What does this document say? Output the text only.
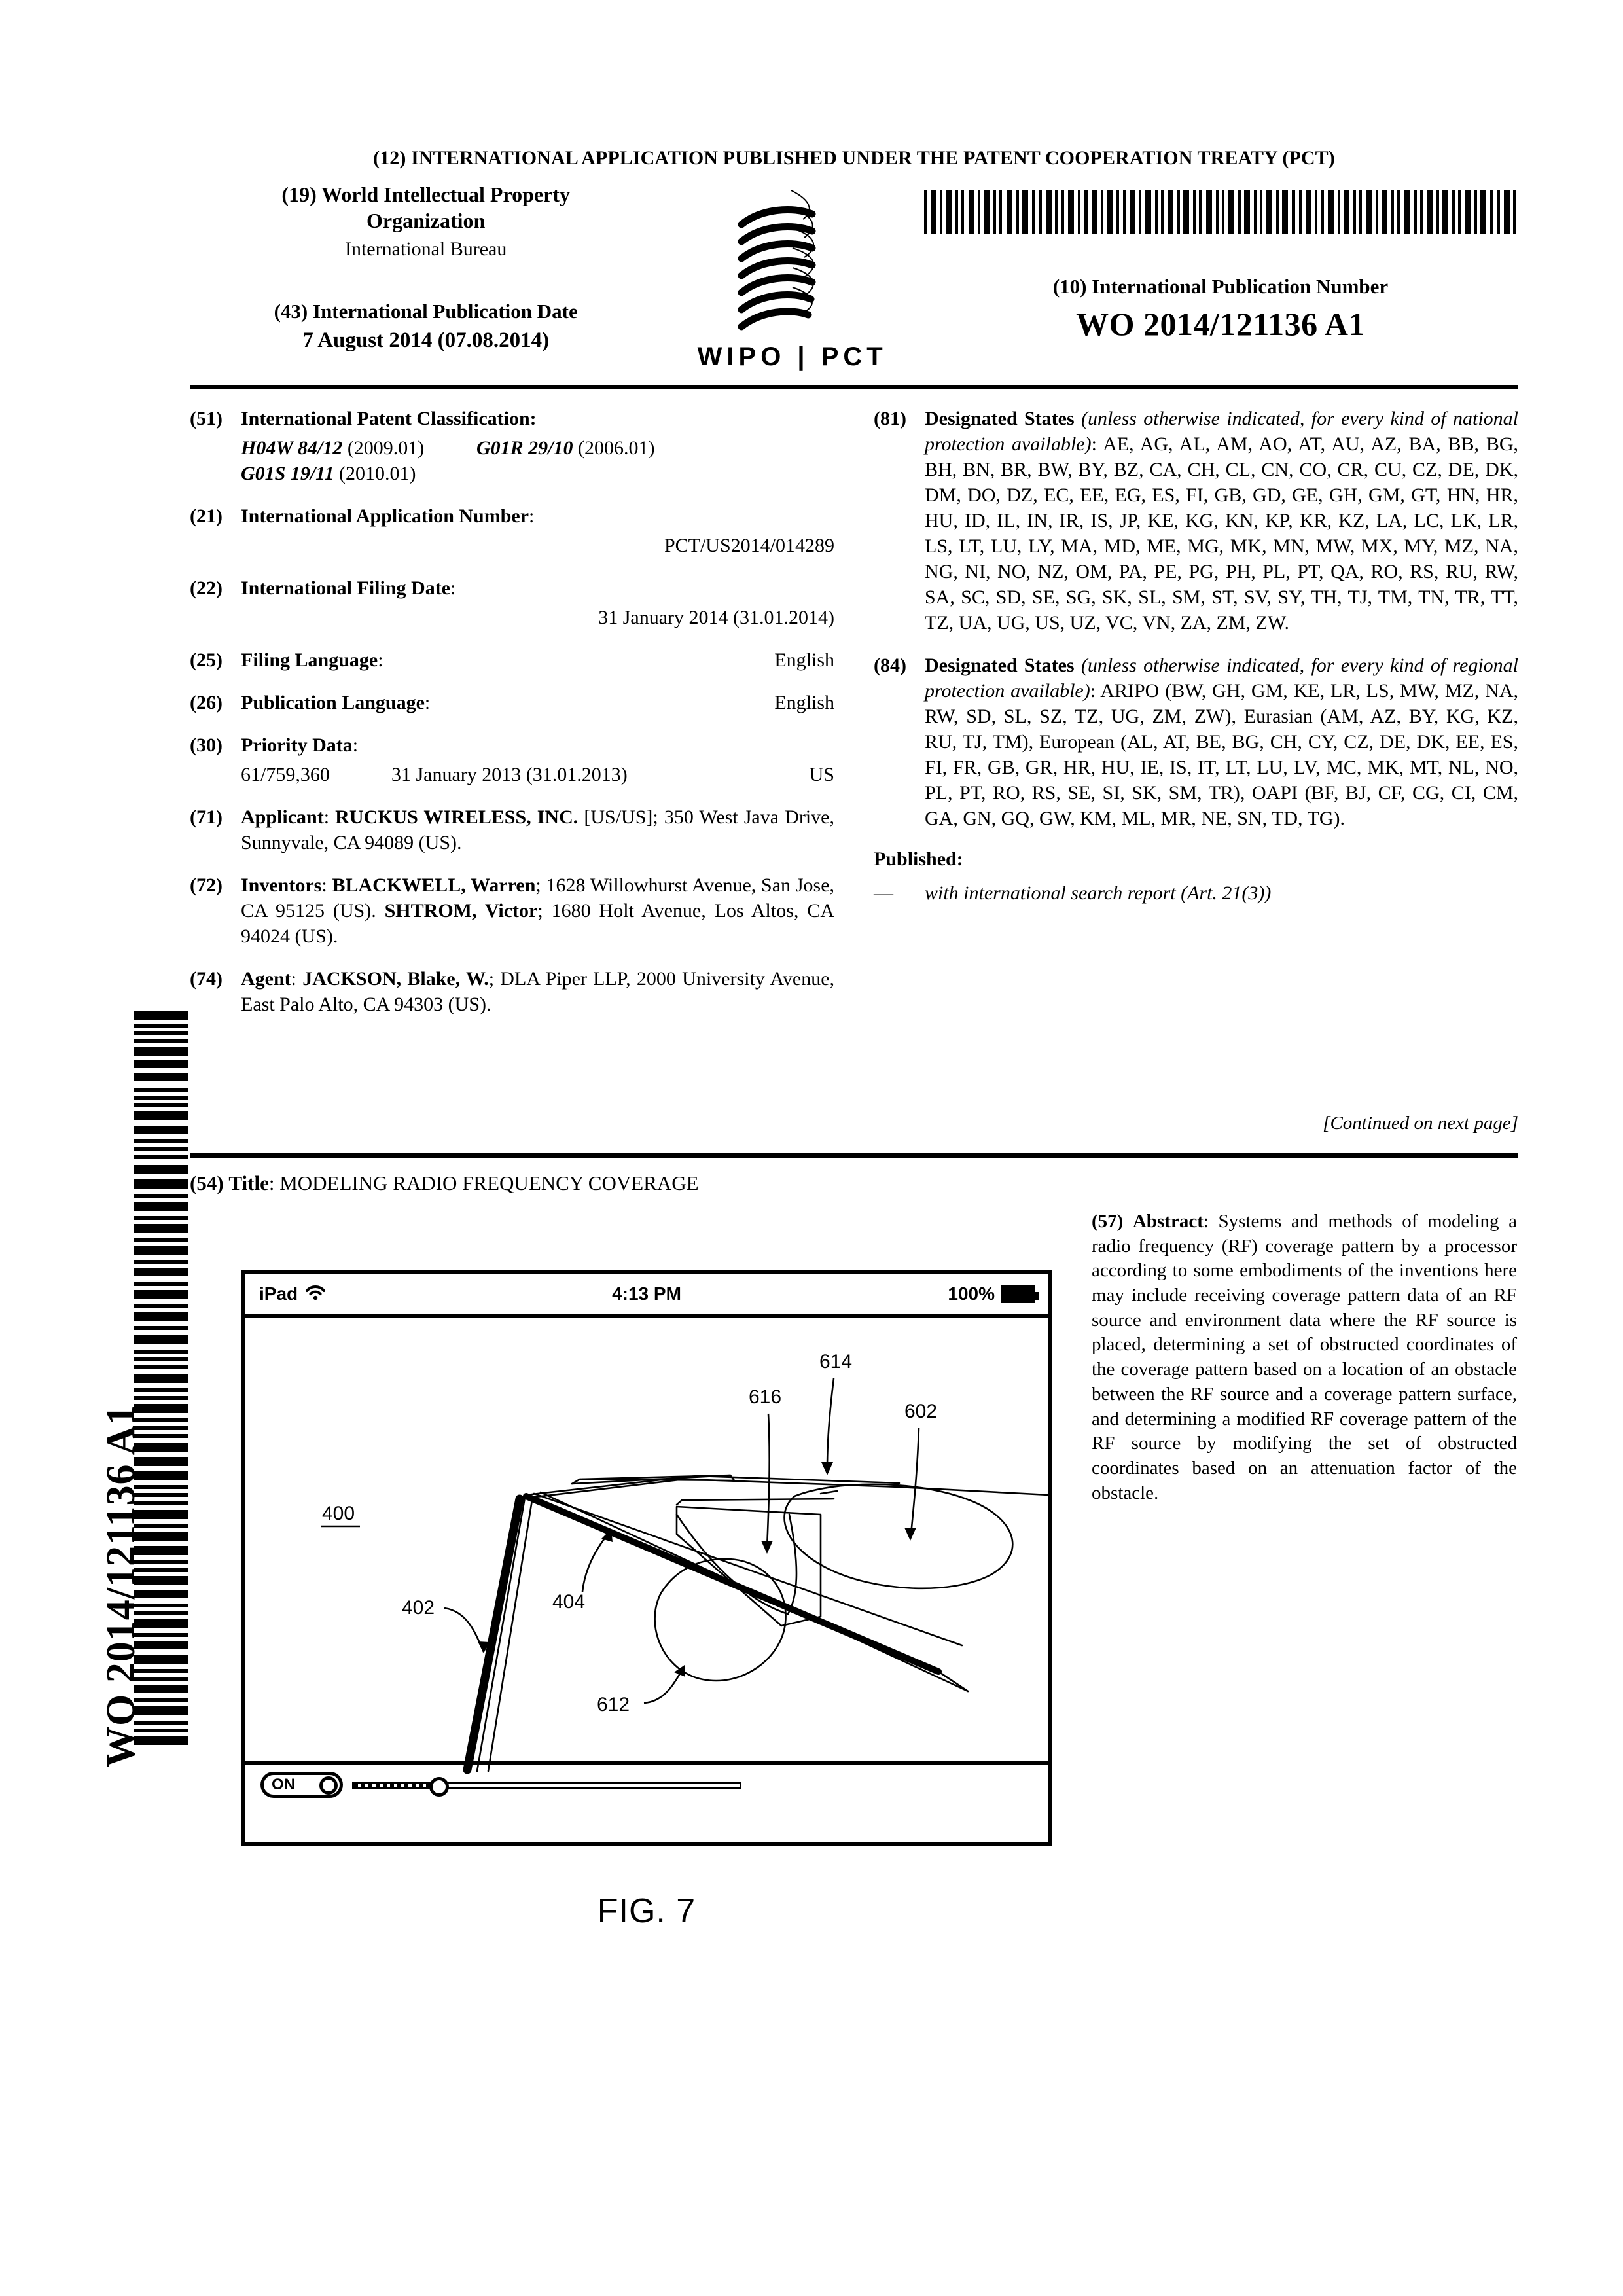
(12) INTERNATIONAL APPLICATION PUBLISHED UNDER THE PATENT COOPERATION TREATY (PCT)
(19) World Intellectual Property
Organization
International Bureau
(43) International Publication Date
7 August 2014 (07.08.2014)
WIPO | PCT
(10) International Publication Number
WO 2014/121136 A1
(51) International Patent Classification:
H04W 84/12 (2009.01)	G01R 29/10 (2006.01)
G01S 19/11 (2010.01)
(21) International Application Number:
PCT/US2014/014289
(22) International Filing Date:
31 January 2014 (31.01.2014)
(25) Filing Language:	English
(26) Publication Language:	English
(30) Priority Data:
61/759,360	31 January 2013 (31.01.2013)	US
(71) Applicant: RUCKUS WIRELESS, INC. [US/US]; 350 West Java Drive, Sunnyvale, CA 94089 (US).
(72) Inventors: BLACKWELL, Warren; 1628 Willowhurst Avenue, San Jose, CA 95125 (US). SHTROM, Victor; 1680 Holt Avenue, Los Altos, CA 94024 (US).
(74) Agent: JACKSON, Blake, W.; DLA Piper LLP, 2000 University Avenue, East Palo Alto, CA 94303 (US).
(81) Designated States (unless otherwise indicated, for every kind of national protection available): AE, AG, AL, AM, AO, AT, AU, AZ, BA, BB, BG, BH, BN, BR, BW, BY, BZ, CA, CH, CL, CN, CO, CR, CU, CZ, DE, DK, DM, DO, DZ, EC, EE, EG, ES, FI, GB, GD, GE, GH, GM, GT, HN, HR, HU, ID, IL, IN, IR, IS, JP, KE, KG, KN, KP, KR, KZ, LA, LC, LK, LR, LS, LT, LU, LY, MA, MD, ME, MG, MK, MN, MW, MX, MY, MZ, NA, NG, NI, NO, NZ, OM, PA, PE, PG, PH, PL, PT, QA, RO, RS, RU, RW, SA, SC, SD, SE, SG, SK, SL, SM, ST, SV, SY, TH, TJ, TM, TN, TR, TT, TZ, UA, UG, US, UZ, VC, VN, ZA, ZM, ZW.
(84) Designated States (unless otherwise indicated, for every kind of regional protection available): ARIPO (BW, GH, GM, KE, LR, LS, MW, MZ, NA, RW, SD, SL, SZ, TZ, UG, ZM, ZW), Eurasian (AM, AZ, BY, KG, KZ, RU, TJ, TM), European (AL, AT, BE, BG, CH, CY, CZ, DE, DK, EE, ES, FI, FR, GB, GR, HR, HU, IE, IS, IT, LT, LU, LV, MC, MK, MT, NL, NO, PL, PT, RO, RS, SE, SI, SK, SM, TR), OAPI (BF, BJ, CF, CG, CI, CM, GA, GN, GQ, GW, KM, ML, MR, NE, SN, TD, TG).
Published:
—	with international search report (Art. 21(3))
[Continued on next page]
(54) Title: MODELING RADIO FREQUENCY COVERAGE
(57) Abstract: Systems and methods of modeling a radio frequency (RF) coverage pattern by a processor according to some embodiments of the inventions here may include receiving coverage pattern data of an RF source and environment data where the RF source is placed, determining a set of obstructed coordinates of the coverage pattern based on a location of an obstacle between the RF source and a coverage pattern surface, and determining a modified RF coverage pattern of the RF source by modifying the set of obstructed coordinates based on an attenuation factor of the obstacle.
iPad	4:13 PM	100%
400
402	404
612
616
614
602
ON
FIG. 7
WO 2014/121136 A1
